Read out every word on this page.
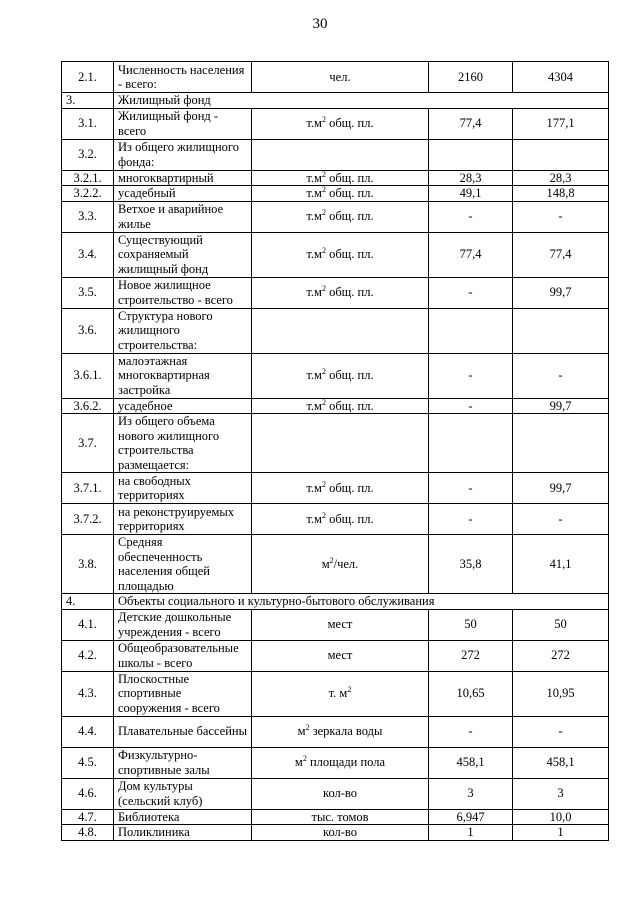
30
2.1.	Численность населения - всего:	чел.	2160	4304
3.	Жилищный фонд			
3.1.	Жилищный фонд - всего	$т.м^2$ общ. пл.	77,4	177,1
3.2.	Из общего жилищного фонда:			
3.2.1.	многоквартирный	$т.м^2$ общ. пл.	28,3	28,3
3.2.2.	усадебный	$т.м^2$ общ. пл.	49,1	148,8
3.3.	Ветхое и аварийное жилье	$т.м^2$ общ. пл.	-	-
3.4.	Существующий сохраняемый жилищный фонд	$т.м^2$ общ. пл.	77,4	77,4
3.5.	Новое жилищное строительство - всего	$т.м^2$ общ. пл.	-	99,7
3.6.	Структура нового жилищного строительства:			
3.6.1.	малоэтажная многоквартирная застройка	$т.м^2$ общ. пл.	-	-
3.6.2.	усадебное	$т.м^2$ общ. пл.	-	99,7
3.7.	Из общего объема нового жилищного строительства размещается:			
3.7.1.	на свободных территориях	$т.м^2$ общ. пл.	-	99,7
3.7.2.	на реконструируемых территориях	$т.м^2$ общ. пл.	-	-
3.8.	Средняя обеспеченность населения общей площадью	$м^2$/чел.	35,8	41,1
4.	Объекты социального и культурно-бытового обслуживания			
4.1.	Детские дошкольные учреждения - всего	мест	50	50
4.2.	Общеобразовательные школы - всего	мест	272	272
4.3.	Плоскостные спортивные сооружения - всего	т. $м^2$	10,65	10,95
4.4.	Плавательные бассейны	$м^2$ зеркала воды	-	-
4.5.	Физкультурно-спортивные залы	$м^2$ площади пола	458,1	458,1
4.6.	Дом культуры (сельский клуб)	кол-во	3	3
4.7.	Библиотека	тыс. томов	6,947	10,0
4.8.	Поликлиника	кол-во	1	1
